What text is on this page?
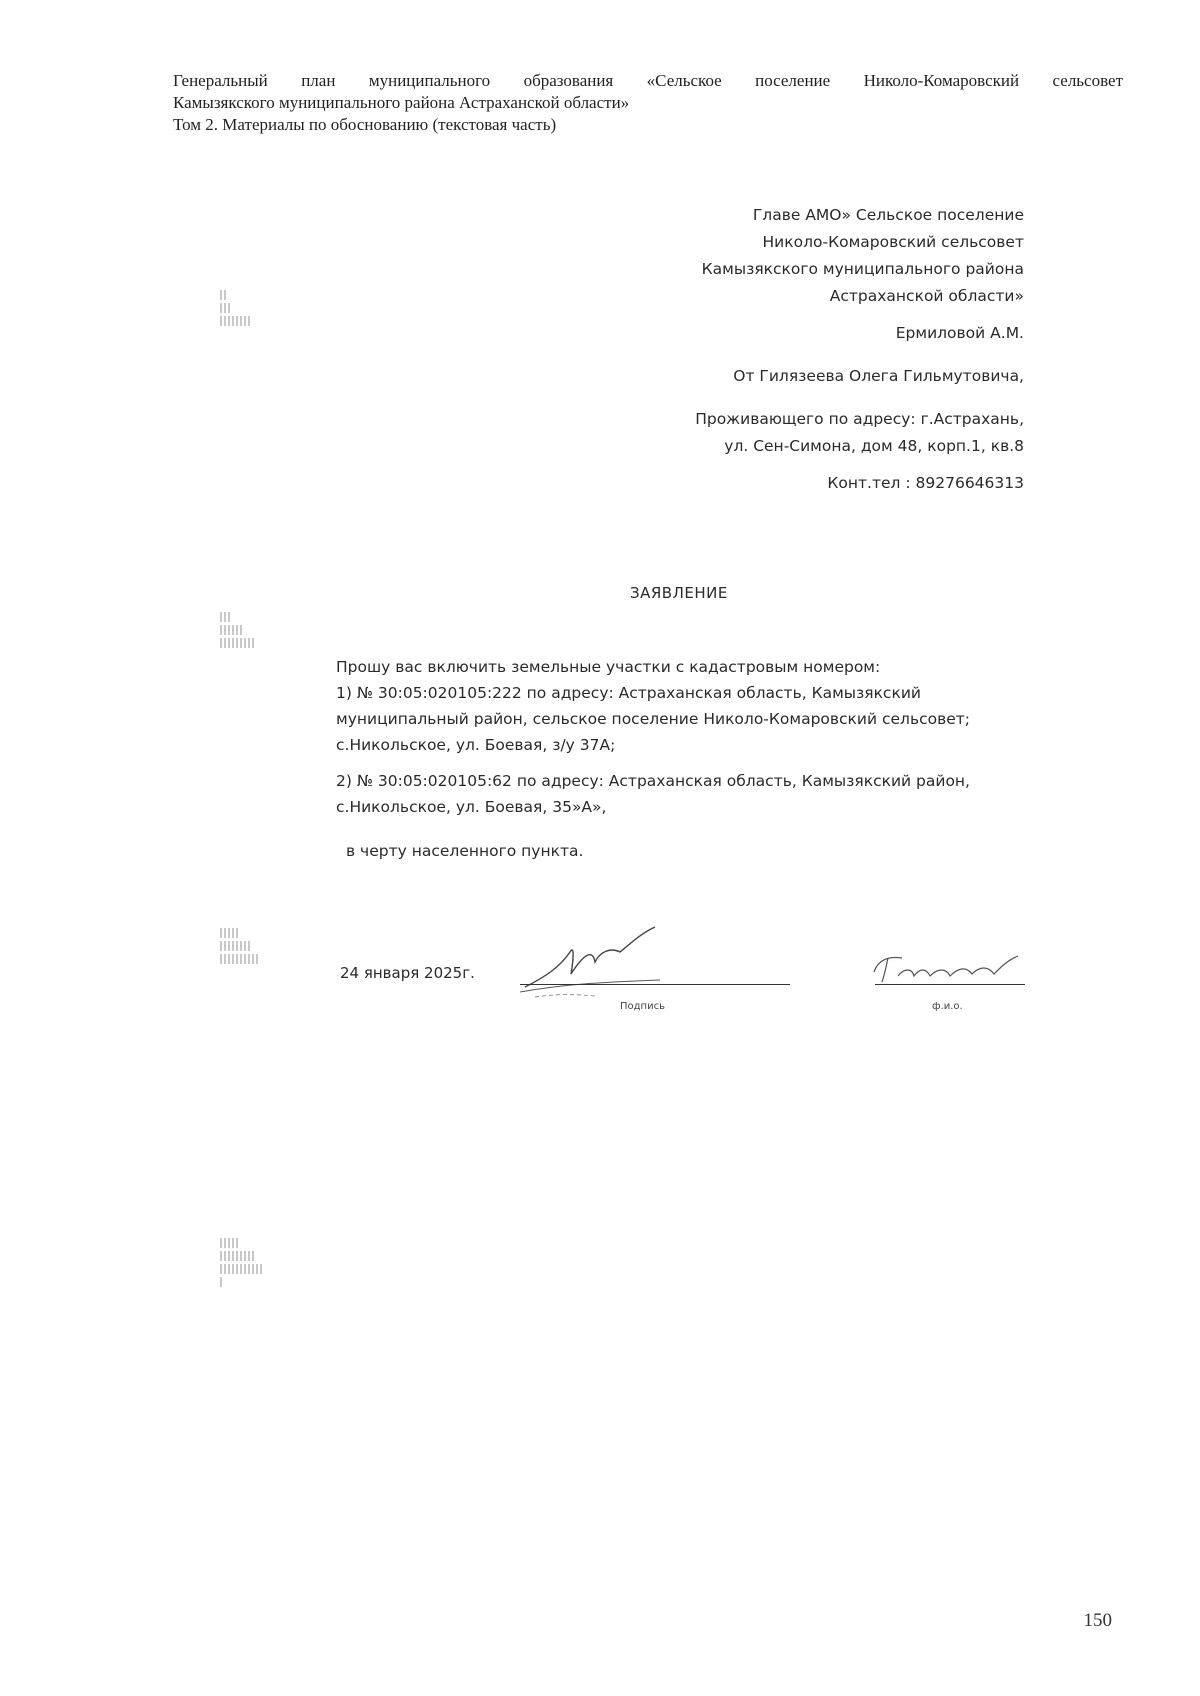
Генеральный план муниципального образования «Сельское поселение Николо-Комаровский сельсовет
Камызякского муниципального района Астраханской области»
Том 2. Материалы по обоснованию (текстовая часть)
Главе АМО» Сельское поселение
Николо-Комаровский сельсовет
Камызякского муниципального района
Астраханской области»
Ермиловой А.М.
От Гилязеева Олега Гильмутовича,
Проживающего по адресу: г.Астрахань,
ул. Сен-Симона, дом 48, корп.1, кв.8
Конт.тел : 89276646313
ЗАЯВЛЕНИЕ

Прошу вас включить земельные участки с кадастровым номером:

1) № 30:05:020105:222 по адресу: Астраханская область, Камызякский

муниципальный район, сельское поселение Николо-Комаровский сельсовет;

с.Никольское, ул. Боевая, з/у 37А;

2) № 30:05:020105:62 по адресу: Астраханская область, Камызякский район,

с.Никольское, ул. Боевая, 35»А»,

в черту населенного пункта.

24 января 2025г.
Подпись	ф.и.о.
150
